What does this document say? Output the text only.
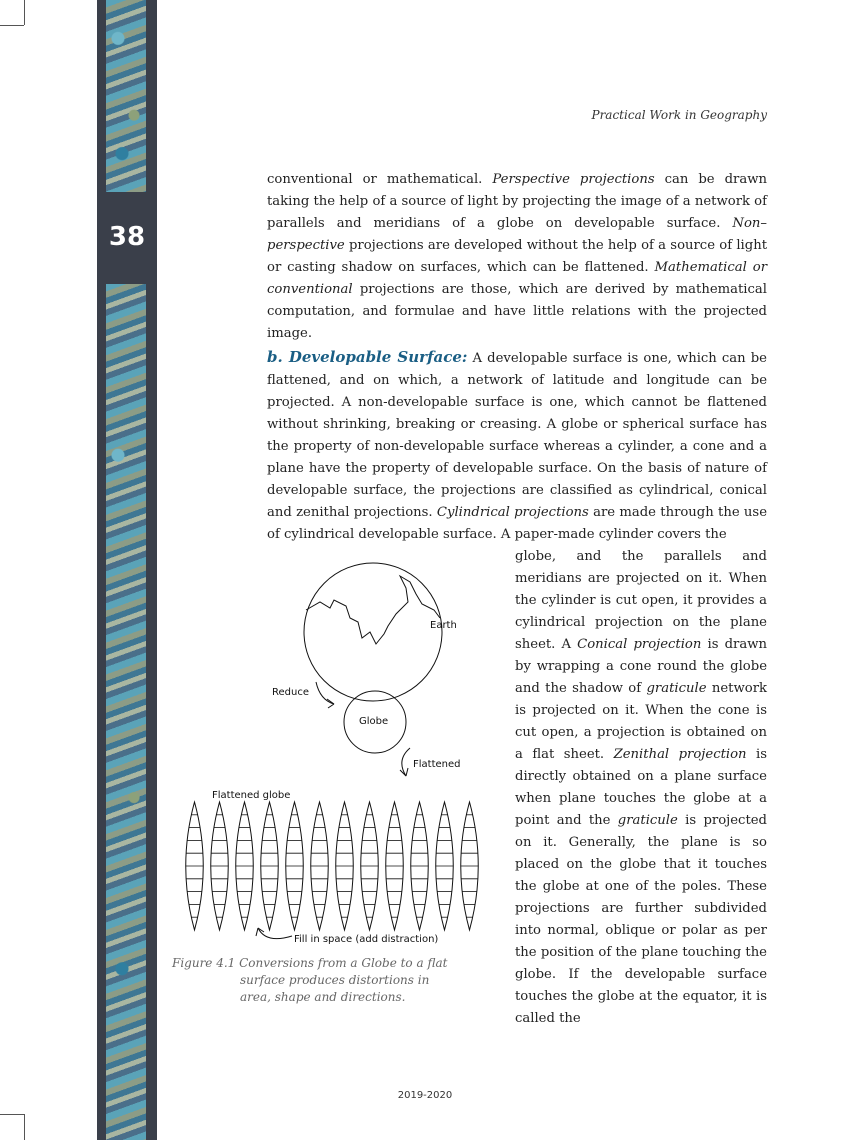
38
Practical Work in Geography

conventional or mathematical. Perspective projections can be drawn taking the help of a source of light by projecting the image of a network of parallels and meridians of a globe on developable surface. Non–perspective projections are developed without the help of a source of light or casting shadow on surfaces, which can be flattened. Mathematical or conventional projections are those, which are derived by mathematical computation, and formulae and have little relations with the projected image.

b. Developable Surface: A developable surface is one, which can be flattened, and on which, a network of latitude and longitude can be projected. A non-developable surface is one, which cannot be flattened without shrinking, breaking or creasing. A globe or spherical surface has the property of non-developable surface whereas a cylinder, a cone and a plane have the property of developable surface. On the basis of nature of developable surface, the projections are classified as cylindrical, conical and zenithal projections. Cylindrical projections are made through the use of cylindrical developable surface. A paper-made cylinder covers the

globe, and the parallels and meridians are projected on it. When the cylinder is cut open, it provides a cylindrical projection on the plane sheet. A Conical projection is drawn by wrapping a cone round the globe and the shadow of graticule network is projected on it. When the cone is cut open, a projection is obtained on a flat sheet. Zenithal projection is directly obtained on a plane surface when plane touches the globe at a point and the graticule is projected on it. Generally, the plane is so placed on the globe that it touches the globe at one of the poles. These projections are further subdivided into normal, oblique or polar as per the position of the plane touching the globe. If the developable surface touches the globe at the equator, it is called the

Earth
Reduce
Globe
Flattened
Flattened globe
Fill in space (add distraction)

Figure 4.1 Conversions from a Globe to a flat
surface produces distortions in
area, shape and directions.

2019-2020
